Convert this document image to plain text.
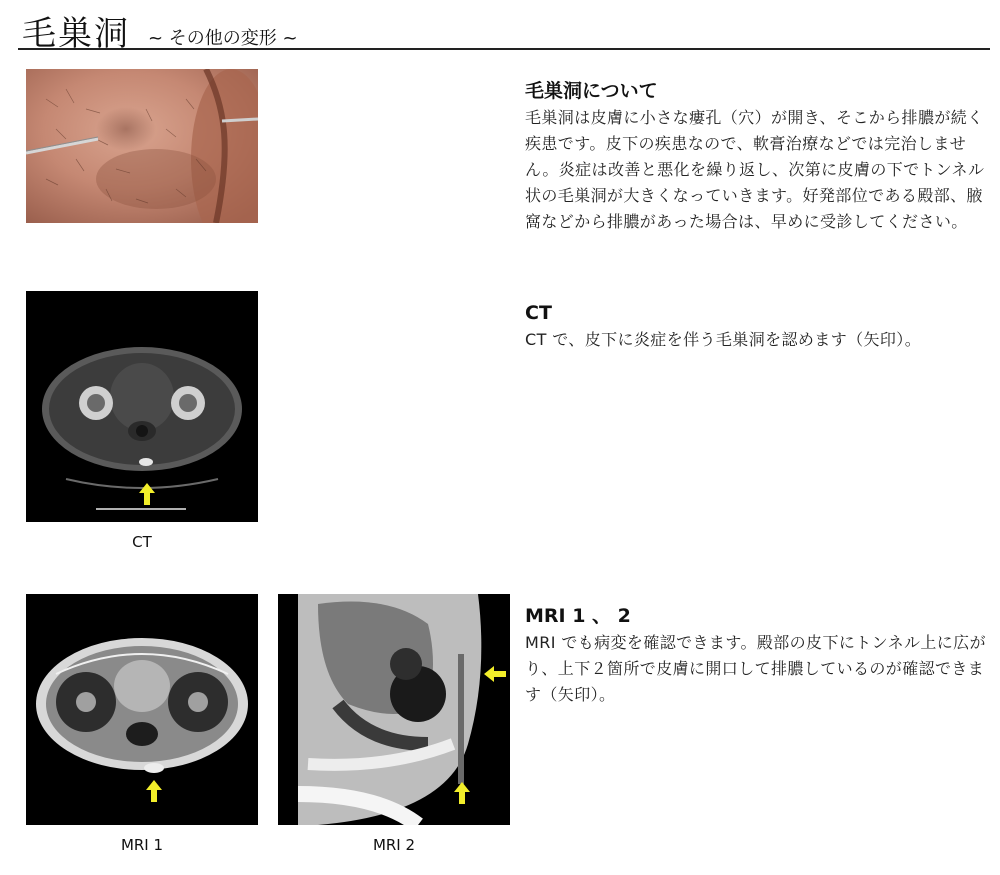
毛巣洞 ~ その他の変形 ~
CT
MRI 1	MRI 2
毛巣洞について

毛巣洞は皮膚に小さな瘻孔（穴）が開き、そこから排膿が続く疾患です。皮下の疾患なので、軟膏治療などでは完治しません。炎症は改善と悪化を繰り返し、次第に皮膚の下でトンネル状の毛巣洞が大きくなっていきます。好発部位である殿部、腋窩などから排膿があった場合は、早めに受診してください。

CT

CT で、皮下に炎症を伴う毛巣洞を認めます（矢印）。

MRI 1 、 2

MRI でも病変を確認できます。殿部の皮下にトンネル上に広がり、上下２箇所で皮膚に開口して排膿しているのが確認できます（矢印）。
